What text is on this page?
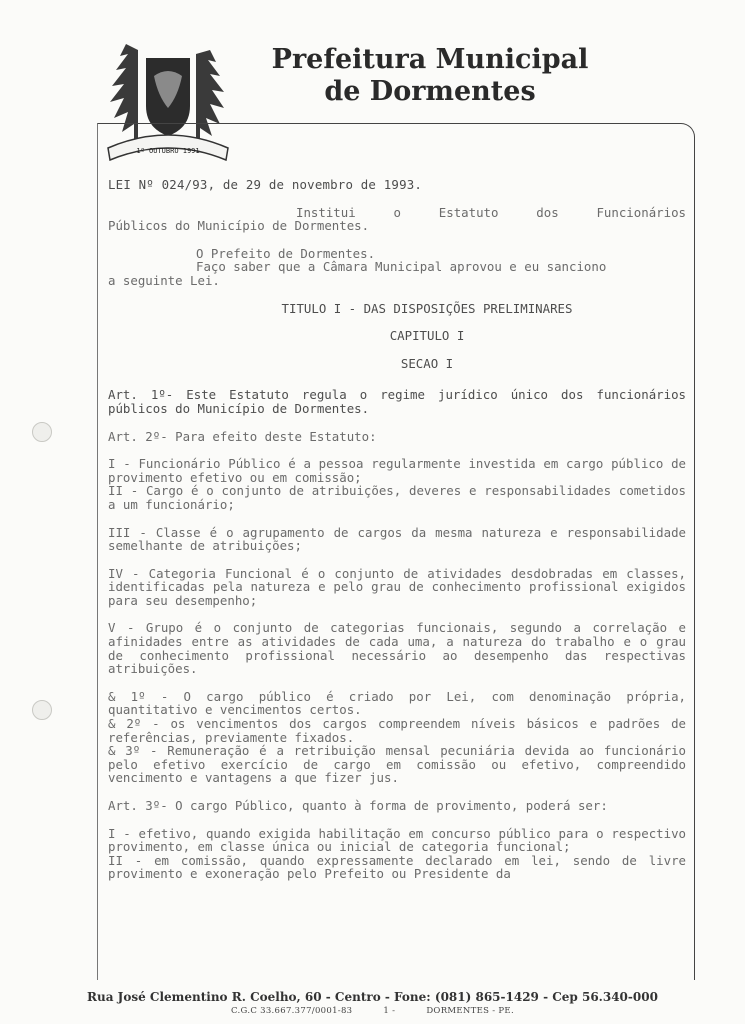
1º OUTUBRO 1991
Prefeitura Municipal
de Dormentes

LEI Nº 024/93, de 29 de novembro de 1993.

Institui o Estatuto dos Funcionários

Públicos do Município de Dormentes.

O Prefeito de Dormentes.

Faço saber que a Câmara Municipal aprovou e eu sanciono

a seguinte Lei.

TITULO I - DAS DISPOSIÇÕES PRELIMINARES

CAPITULO I

SECAO I

Art. 1º- Este Estatuto regula o regime jurídico único dos funcionários públicos do Município de Dormentes.

Art. 2º- Para efeito deste Estatuto:

I - Funcionário Público é a pessoa regularmente investida em cargo público de provimento efetivo ou em comissão;

II - Cargo é o conjunto de atribuições, deveres e responsabilidades cometidos a um funcionário;

III - Classe é o agrupamento de cargos da mesma natureza e responsabilidade semelhante de atribuições;

IV - Categoria Funcional é o conjunto de atividades desdobradas em classes, identificadas pela natureza e pelo grau de conhecimento profissional exigidos para seu desempenho;

V - Grupo é o conjunto de categorias funcionais, segundo a correlação e afinidades entre as atividades de cada uma, a natureza do trabalho e o grau de conhecimento profissional necessário ao desempenho das respectivas atribuições.

& 1º - O cargo público é criado por Lei, com denominação própria, quantitativo e vencimentos certos.

& 2º - os vencimentos dos cargos compreendem níveis básicos e padrões de referências, previamente fixados.

& 3º - Remuneração é a retribuição mensal pecuniária devida ao funcionário pelo efetivo exercício de cargo em comissão ou efetivo, compreendido vencimento e vantagens a que fizer jus.

Art. 3º- O cargo Público, quanto à forma de provimento, poderá ser:

I - efetivo, quando exigida habilitação em concurso público para o respectivo provimento, em classe única ou inicial de categoria funcional;

II - em comissão, quando expressamente declarado em lei, sendo de livre provimento e exoneração pelo Prefeito ou Presidente da

Rua José Clementino R. Coelho, 60 - Centro - Fone: (081) 865-1429 - Cep 56.340-000
C.G.C 33.667.377/0001-83	1 -	DORMENTES - PE.
